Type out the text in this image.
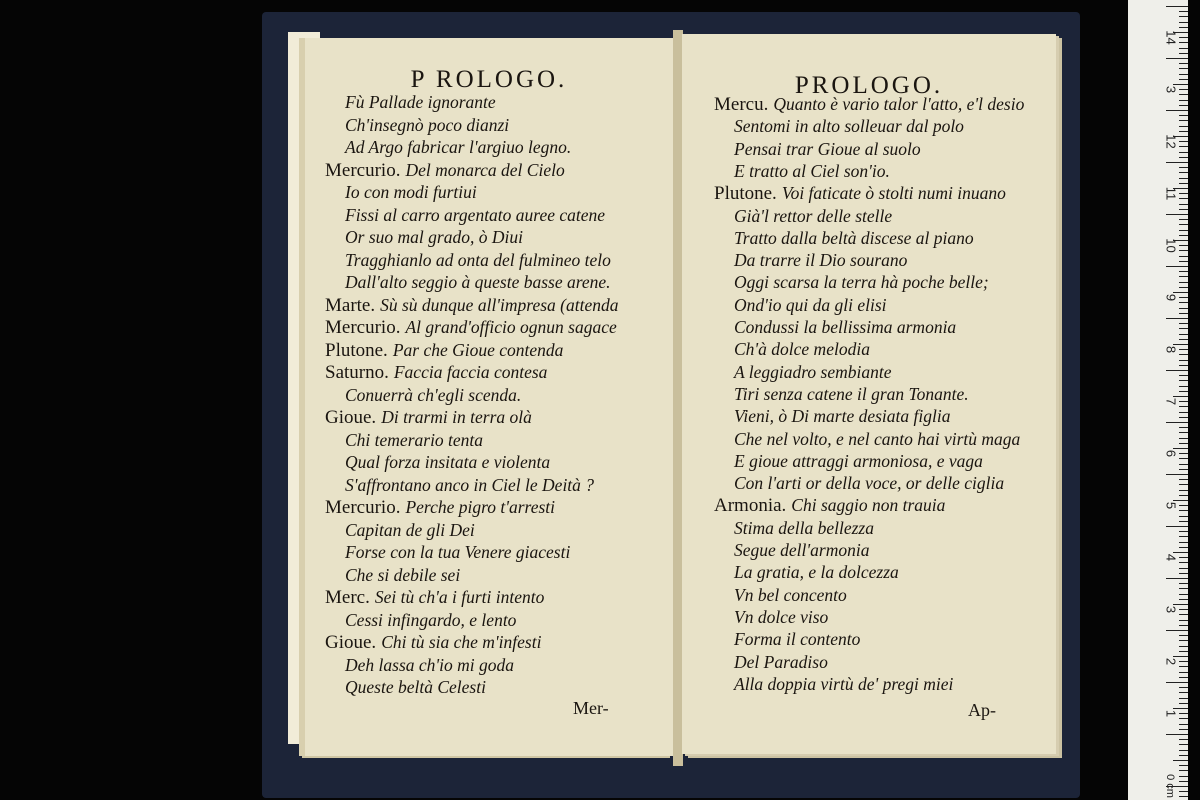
P ROLOGO.
Fù Pallade ignorante
Ch'insegnò poco dianzi
Ad Argo fabricar l'argiuo legno.
Mercurio. Del monarca del Cielo
Io con modi furtiui
Fissi al carro argentato auree catene
Or suo mal grado, ò Diui
Tragghianlo ad onta del fulmineo telo
Dall'alto seggio à queste basse arene.
Marte. Sù sù dunque all'impresa (attenda
Mercurio. Al grand'officio ognun sagace
Plutone. Par che Gioue contenda
Saturno. Faccia faccia contesa
Conuerrà ch'egli scenda.
Gioue. Di trarmi in terra olà
Chi temerario tenta
Qual forza insitata e violenta
S'affrontano anco in Ciel le Deità ?
Mercurio. Perche pigro t'arresti
Capitan de gli Dei
Forse con la tua Venere giacesti
Che si debile sei
Merc. Sei tù ch'a i furti intento
Cessi infingardo, e lento
Gioue. Chi tù sia che m'infesti
Deh lassa ch'io mi goda
Queste beltà Celesti
Mer-
PROLOGO.
Mercu. Quanto è vario talor l'atto, e'l desio
Sentomi in alto solleuar dal polo
Pensai trar Gioue al suolo
E tratto al Ciel son'io.
Plutone. Voi faticate ò stolti numi inuano
Già'l rettor delle stelle
Tratto dalla beltà discese al piano
Da trarre il Dio sourano
Oggi scarsa la terra hà poche belle;
Ond'io qui da gli elisi
Condussi la bellissima armonia
Ch'à dolce melodia
A leggiadro sembiante
Tiri senza catene il gran Tonante.
Vieni, ò Di marte desiata figlia
Che nel volto, e nel canto hai virtù maga
E gioue attraggi armoniosa, e vaga
Con l'arti or della voce, or delle ciglia
Armonia. Chi saggio non trauia
Stima della bellezza
Segue dell'armonia
La gratia, e la dolcezza
Vn bel concento
Vn dolce viso
Forma il contento
Del Paradiso
Alla doppia virtù de' pregi miei
Ap-
14
3
12
11
10
9
8
7
6
5
4
3
2
1
0 cm
